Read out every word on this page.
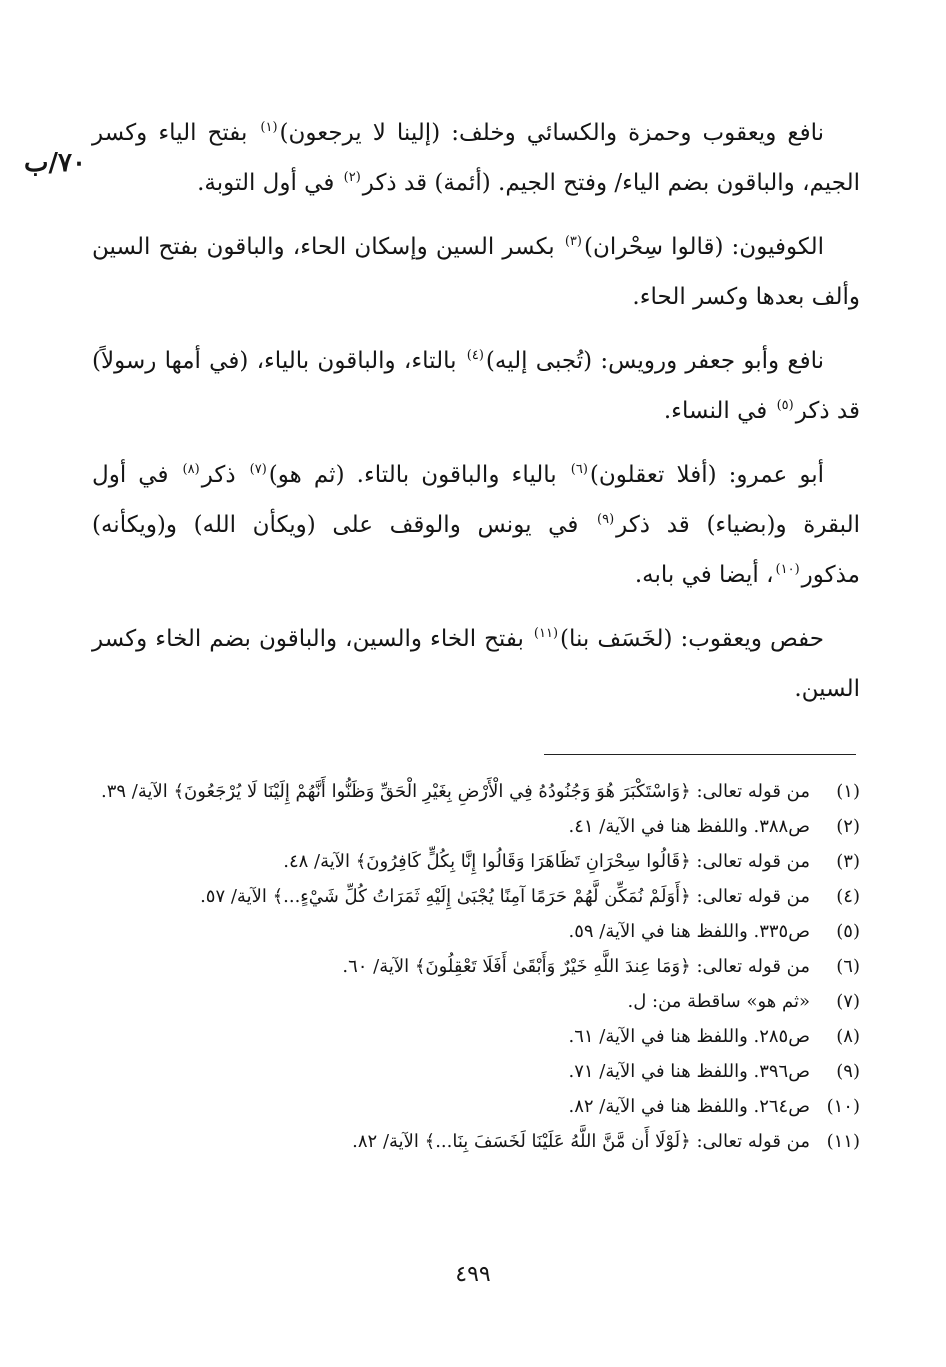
٧٠/ب

نافع ويعقوب وحمزة والكسائي وخلف: (إلينا لا يرجعون)$^{(١)}$ بفتح الياء وكسر الجيم، والباقون بضم الياء/ وفتح الجيم. (أئمة) قد ذكر$^{(٢)}$ في أول التوبة.

الكوفيون: (قالوا سِحْران)$^{(٣)}$ بكسر السين وإسكان الحاء، والباقون بفتح السين وألف بعدها وكسر الحاء.

نافع وأبو جعفر ورويس: (تُجبى إليه)$^{(٤)}$ بالتاء، والباقون بالياء، (في أمها رسولاً) قد ذكر$^{(٥)}$ في النساء.

أبو عمرو: (أفلا تعقلون)$^{(٦)}$ بالياء والباقون بالتاء. (ثم هو)$^{(٧)}$ ذكر$^{(٨)}$ في أول البقرة و(بضياء) قد ذكر$^{(٩)}$ في يونس والوقف على (ويكأن الله) و(ويكأنه) مذكور$^{(١٠)}$، أيضا في بابه.

حفص ويعقوب: (لخَسَف بنا)$^{(١١)}$ بفتح الخاء والسين، والباقون بضم الخاء وكسر السين.

(١)
من قوله تعالى: ﴿وَاسْتَكْبَرَ هُوَ وَجُنُودُهُ فِي الْأَرْضِ بِغَيْرِ الْحَقِّ وَظَنُّوا أَنَّهُمْ إِلَيْنَا لَا يُرْجَعُونَ﴾ الآية/ ٣٩.
(٢)
ص٣٨٨. واللفظ هنا في الآية/ ٤١.
(٣)
من قوله تعالى: ﴿قَالُوا سِحْرَانِ تَظَاهَرَا وَقَالُوا إِنَّا بِكُلٍّ كَافِرُونَ﴾ الآية/ ٤٨.
(٤)
من قوله تعالى: ﴿أَوَلَمْ نُمَكِّن لَّهُمْ حَرَمًا آمِنًا يُجْبَىٰ إِلَيْهِ ثَمَرَاتُ كُلِّ شَيْءٍ...﴾ الآية/ ٥٧.
(٥)
ص٣٣٥. واللفظ هنا في الآية/ ٥٩.
(٦)
من قوله تعالى: ﴿وَمَا عِندَ اللَّهِ خَيْرٌ وَأَبْقَىٰ أَفَلَا تَعْقِلُونَ﴾ الآية/ ٦٠.
(٧)
«ثم هو» ساقطة من: ل.
(٨)
ص٢٨٥. واللفظ هنا في الآية/ ٦١.
(٩)
ص٣٩٦. واللفظ هنا في الآية/ ٧١.
(١٠)
ص٢٦٤. واللفظ هنا في الآية/ ٨٢.
(١١)
من قوله تعالى: ﴿لَوْلَا أَن مَّنَّ اللَّهُ عَلَيْنَا لَخَسَفَ بِنَا...﴾ الآية/ ٨٢.
٤٩٩
